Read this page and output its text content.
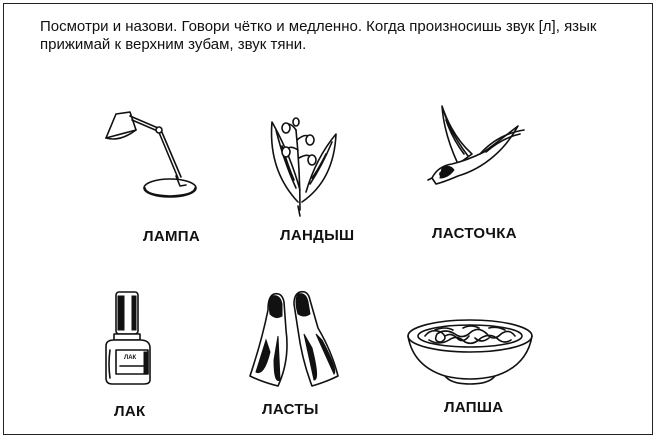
Посмотри и назови. Говори чётко и медленно. Когда произносишь звук [л], язык прижимай к верхним зубам, звук тяни.

ЛАК
ЛАМПА	ЛАНДЫШ	ЛАСТОЧКА
ЛАК	ЛАСТЫ	ЛАПША
